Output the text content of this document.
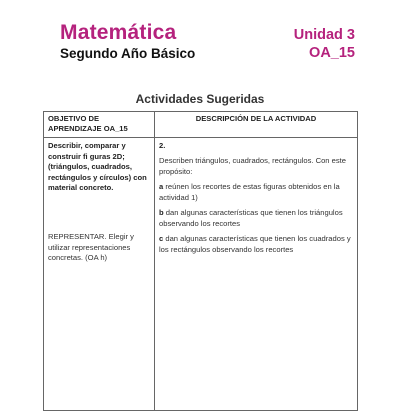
Matemática
Segundo Año Básico
Unidad 3
OA_15
Actividades Sugeridas
OBJETIVO DE APRENDIZAJE OA_15
DESCRIPCIÓN DE LA ACTIVIDAD
Describir, comparar y construir fi guras 2D; (triángulos, cuadrados, rectángulos y círculos) con material concreto.
REPRESENTAR. Elegir y utilizar representaciones concretas. (OA h)

2.

Describen triángulos, cuadrados, rectángulos. Con este propósito:

a reúnen los recortes de estas figuras obtenidos en la actividad 1)

b dan algunas características que tienen los triángulos observando los recortes

c dan algunas características que tienen los cuadrados y los rectángulos observando los recortes
